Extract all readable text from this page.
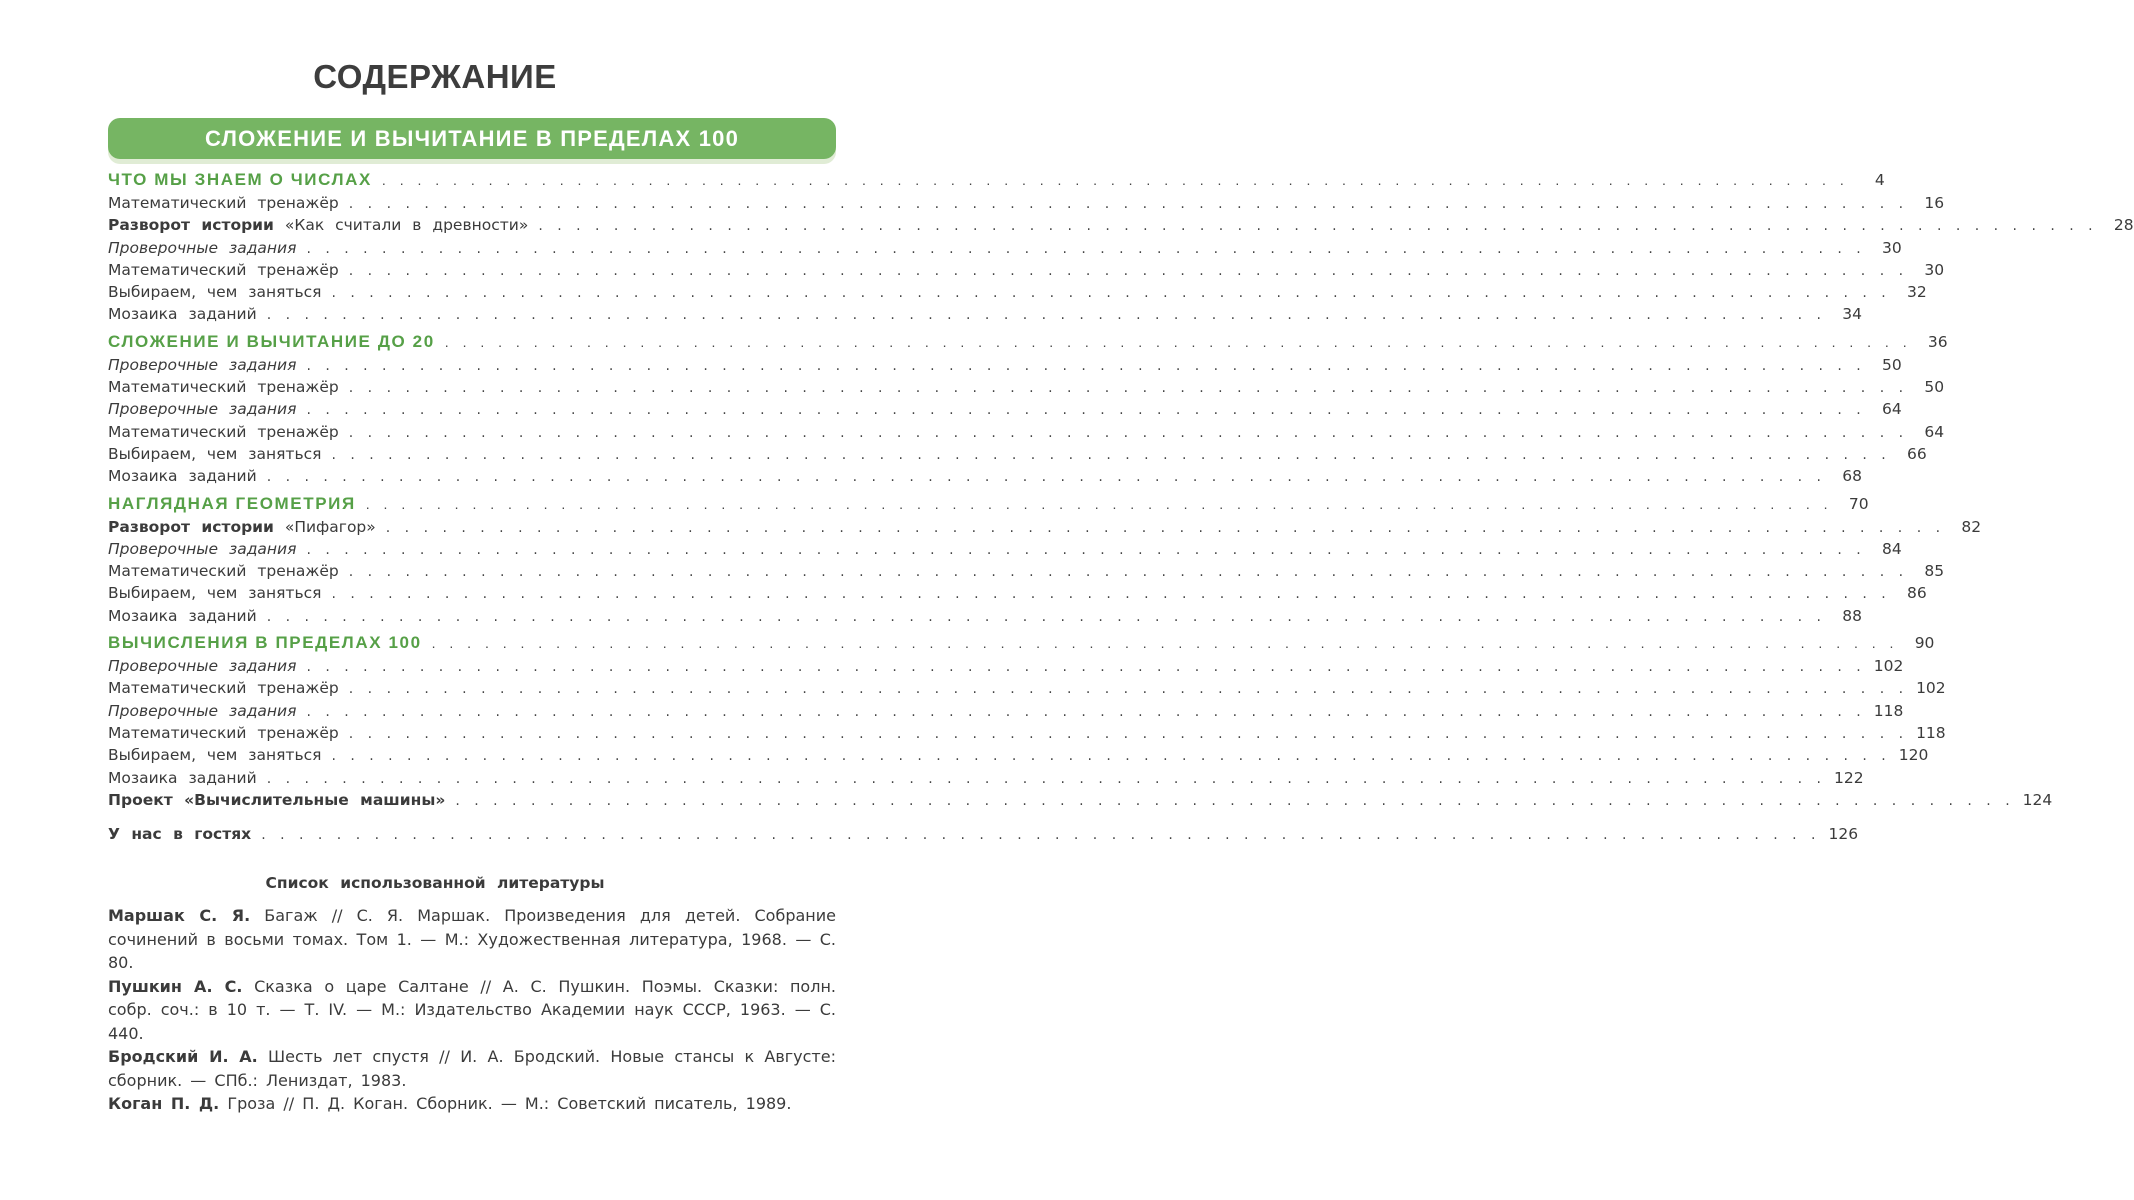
СОДЕРЖАНИЕ
СЛОЖЕНИЕ И ВЫЧИТАНИЕ В ПРЕДЕЛАХ 100
ЧТО МЫ ЗНАЕМ О ЧИСЛАХ . . . . . . . . . . . . . . . . . . . . . . . . . . . . . . . . . . . . . . . . . . . . . . . . . . . . . . . . . . . . . . . . . . . . . . . . . . . . . . . . . . .	4
Математический тренажёр . . . . . . . . . . . . . . . . . . . . . . . . . . . . . . . . . . . . . . . . . . . . . . . . . . . . . . . . . . . . . . . . . . . . . . . . . . . . . . . . . . .	16
Разворот истории «Как считали в древности» . . . . . . . . . . . . . . . . . . . . . . . . . . . . . . . . . . . . . . . . . . . . . . . . . . . . . . . . . . . . . . . . . . . . . . . . . . . . . . . . . . .	28
Проверочные задания . . . . . . . . . . . . . . . . . . . . . . . . . . . . . . . . . . . . . . . . . . . . . . . . . . . . . . . . . . . . . . . . . . . . . . . . . . . . . . . . . . .	30
Математический тренажёр . . . . . . . . . . . . . . . . . . . . . . . . . . . . . . . . . . . . . . . . . . . . . . . . . . . . . . . . . . . . . . . . . . . . . . . . . . . . . . . . . . .	30
Выбираем, чем заняться . . . . . . . . . . . . . . . . . . . . . . . . . . . . . . . . . . . . . . . . . . . . . . . . . . . . . . . . . . . . . . . . . . . . . . . . . . . . . . . . . . .	32
Мозаика заданий . . . . . . . . . . . . . . . . . . . . . . . . . . . . . . . . . . . . . . . . . . . . . . . . . . . . . . . . . . . . . . . . . . . . . . . . . . . . . . . . . . .	34
СЛОЖЕНИЕ И ВЫЧИТАНИЕ ДО 20 . . . . . . . . . . . . . . . . . . . . . . . . . . . . . . . . . . . . . . . . . . . . . . . . . . . . . . . . . . . . . . . . . . . . . . . . . . . . . . . . . . .	36
Проверочные задания . . . . . . . . . . . . . . . . . . . . . . . . . . . . . . . . . . . . . . . . . . . . . . . . . . . . . . . . . . . . . . . . . . . . . . . . . . . . . . . . . . .	50
Математический тренажёр . . . . . . . . . . . . . . . . . . . . . . . . . . . . . . . . . . . . . . . . . . . . . . . . . . . . . . . . . . . . . . . . . . . . . . . . . . . . . . . . . . .	50
Проверочные задания . . . . . . . . . . . . . . . . . . . . . . . . . . . . . . . . . . . . . . . . . . . . . . . . . . . . . . . . . . . . . . . . . . . . . . . . . . . . . . . . . . .	64
Математический тренажёр . . . . . . . . . . . . . . . . . . . . . . . . . . . . . . . . . . . . . . . . . . . . . . . . . . . . . . . . . . . . . . . . . . . . . . . . . . . . . . . . . . .	64
Выбираем, чем заняться . . . . . . . . . . . . . . . . . . . . . . . . . . . . . . . . . . . . . . . . . . . . . . . . . . . . . . . . . . . . . . . . . . . . . . . . . . . . . . . . . . .	66
Мозаика заданий . . . . . . . . . . . . . . . . . . . . . . . . . . . . . . . . . . . . . . . . . . . . . . . . . . . . . . . . . . . . . . . . . . . . . . . . . . . . . . . . . . .	68
НАГЛЯДНАЯ ГЕОМЕТРИЯ . . . . . . . . . . . . . . . . . . . . . . . . . . . . . . . . . . . . . . . . . . . . . . . . . . . . . . . . . . . . . . . . . . . . . . . . . . . . . . . . . . .	70
Разворот истории «Пифагор» . . . . . . . . . . . . . . . . . . . . . . . . . . . . . . . . . . . . . . . . . . . . . . . . . . . . . . . . . . . . . . . . . . . . . . . . . . . . . . . . . . .	82
Проверочные задания . . . . . . . . . . . . . . . . . . . . . . . . . . . . . . . . . . . . . . . . . . . . . . . . . . . . . . . . . . . . . . . . . . . . . . . . . . . . . . . . . . .	84
Математический тренажёр . . . . . . . . . . . . . . . . . . . . . . . . . . . . . . . . . . . . . . . . . . . . . . . . . . . . . . . . . . . . . . . . . . . . . . . . . . . . . . . . . . .	85
Выбираем, чем заняться . . . . . . . . . . . . . . . . . . . . . . . . . . . . . . . . . . . . . . . . . . . . . . . . . . . . . . . . . . . . . . . . . . . . . . . . . . . . . . . . . . .	86
Мозаика заданий . . . . . . . . . . . . . . . . . . . . . . . . . . . . . . . . . . . . . . . . . . . . . . . . . . . . . . . . . . . . . . . . . . . . . . . . . . . . . . . . . . .	88
ВЫЧИСЛЕНИЯ В ПРЕДЕЛАХ 100 . . . . . . . . . . . . . . . . . . . . . . . . . . . . . . . . . . . . . . . . . . . . . . . . . . . . . . . . . . . . . . . . . . . . . . . . . . . . . . . . . . .	90
Проверочные задания . . . . . . . . . . . . . . . . . . . . . . . . . . . . . . . . . . . . . . . . . . . . . . . . . . . . . . . . . . . . . . . . . . . . . . . . . . . . . . . . . . . 102
Математический тренажёр . . . . . . . . . . . . . . . . . . . . . . . . . . . . . . . . . . . . . . . . . . . . . . . . . . . . . . . . . . . . . . . . . . . . . . . . . . . . . . . . . . . 102
Проверочные задания . . . . . . . . . . . . . . . . . . . . . . . . . . . . . . . . . . . . . . . . . . . . . . . . . . . . . . . . . . . . . . . . . . . . . . . . . . . . . . . . . . . 118
Математический тренажёр . . . . . . . . . . . . . . . . . . . . . . . . . . . . . . . . . . . . . . . . . . . . . . . . . . . . . . . . . . . . . . . . . . . . . . . . . . . . . . . . . . . 118
Выбираем, чем заняться . . . . . . . . . . . . . . . . . . . . . . . . . . . . . . . . . . . . . . . . . . . . . . . . . . . . . . . . . . . . . . . . . . . . . . . . . . . . . . . . . . . 120
Мозаика заданий . . . . . . . . . . . . . . . . . . . . . . . . . . . . . . . . . . . . . . . . . . . . . . . . . . . . . . . . . . . . . . . . . . . . . . . . . . . . . . . . . . . 122
Проект «Вычислительные машины» . . . . . . . . . . . . . . . . . . . . . . . . . . . . . . . . . . . . . . . . . . . . . . . . . . . . . . . . . . . . . . . . . . . . . . . . . . . . . . . . . . . 124
У нас в гостях . . . . . . . . . . . . . . . . . . . . . . . . . . . . . . . . . . . . . . . . . . . . . . . . . . . . . . . . . . . . . . . . . . . . . . . . . . . . . . . . . . . 126
Список использованной литературы
Маршак С. Я. Багаж // С. Я. Маршак. Произведения для детей. Собрание сочинений в восьми томах. Том 1. — М.: Художественная литература, 1968. — С. 80.
Пушкин А. С. Сказка о царе Салтане // А. С. Пушкин. Поэмы. Сказки: полн. собр. соч.: в 10 т. — Т. IV. — М.: Издательство Академии наук СССР, 1963. — С. 440.
Бродский И. А. Шесть лет спустя // И. А. Бродский. Новые стансы к Августе: сборник. — СПб.: Лениздат, 1983.
Коган П. Д. Гроза // П. Д. Коган. Сборник. — М.: Советский писатель, 1989.
